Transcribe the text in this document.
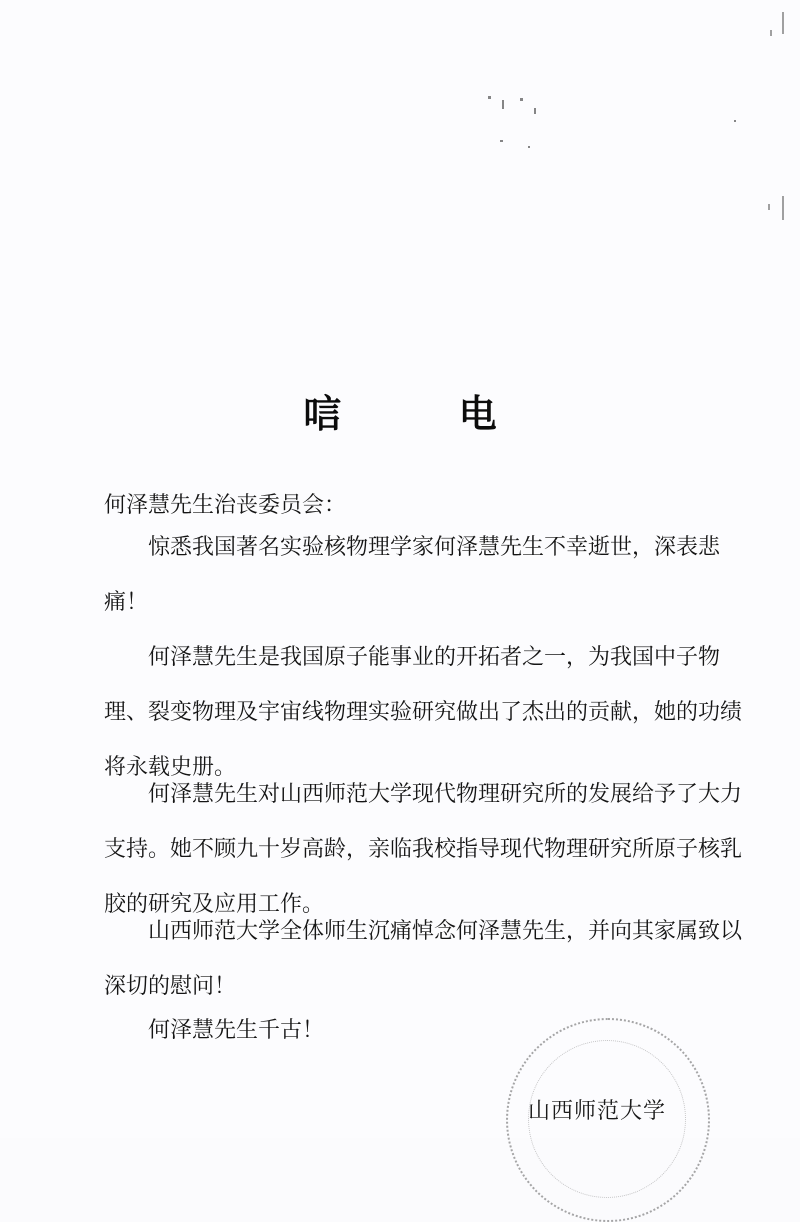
唁 电

何泽慧先生治丧委员会：

惊悉我国著名实验核物理学家何泽慧先生不幸逝世，深表悲痛！

何泽慧先生是我国原子能事业的开拓者之一，为我国中子物理、裂变物理及宇宙线物理实验研究做出了杰出的贡献，她的功绩将永载史册。

何泽慧先生对山西师范大学现代物理研究所的发展给予了大力支持。她不顾九十岁高龄，亲临我校指导现代物理研究所原子核乳胶的研究及应用工作。

山西师范大学全体师生沉痛悼念何泽慧先生，并向其家属致以深切的慰问！

何泽慧先生千古！

山西师范大学
